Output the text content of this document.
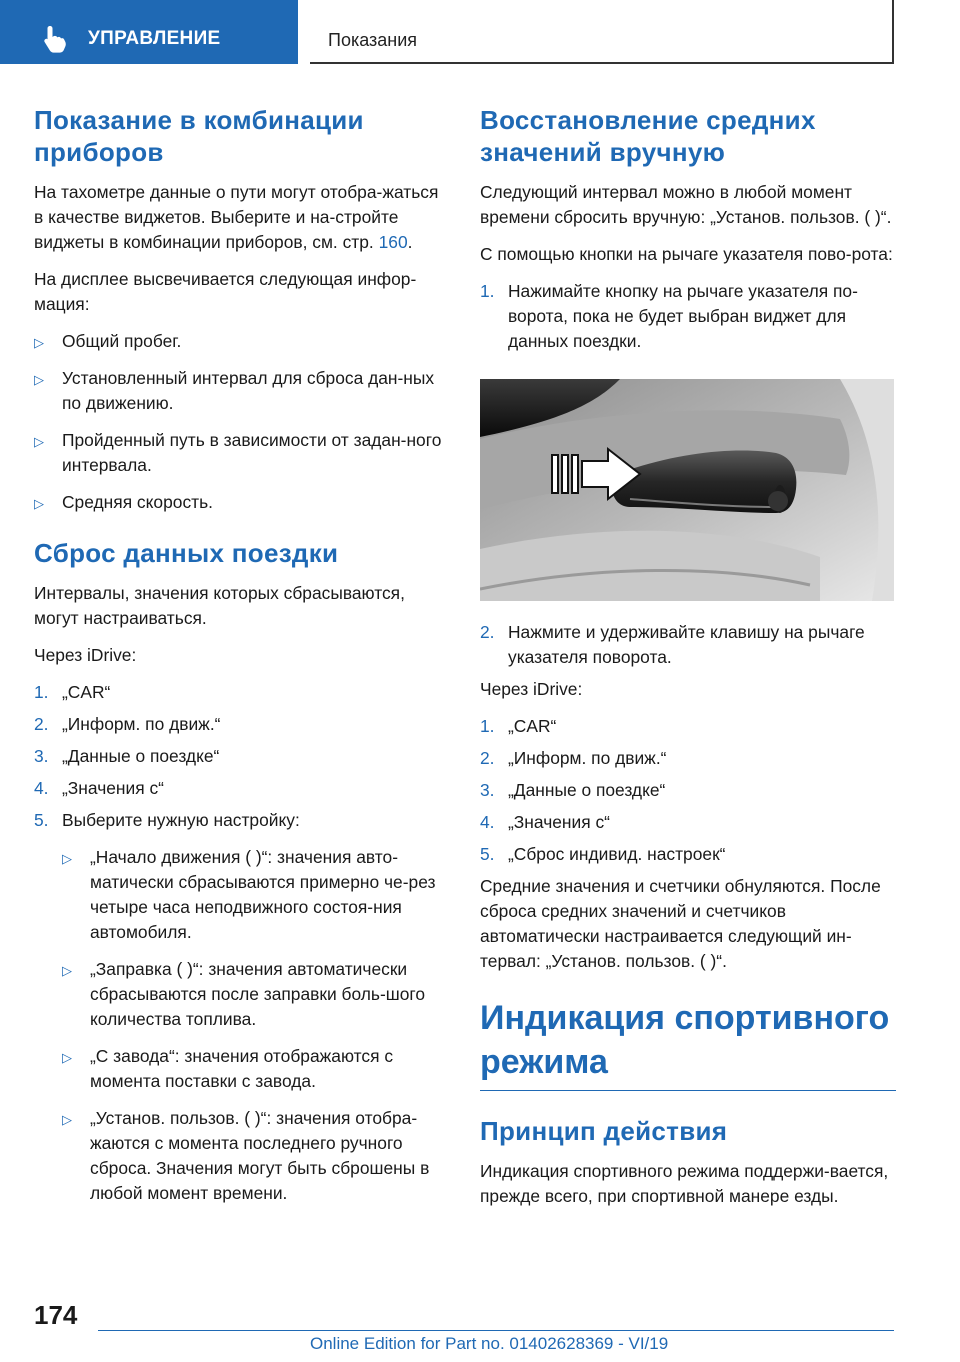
УПРАВЛЕНИЕ	Показания
Показание в комбинации приборов

На тахометре данные о пути могут отобра-жаться в качестве виджетов. Выберите и на-стройте виджеты в комбинации приборов, см. стр. 160.

На дисплее высвечивается следующая инфор-мация:

▷ Общий пробег.
▷ Установленный интервал для сброса дан-ных по движению.
▷ Пройденный путь в зависимости от задан-ного интервала.
▷ Средняя скорость.
Сброс данных поездки

Интервалы, значения которых сбрасываются, могут настраиваться.

Через iDrive:

1. „CAR“
2. „Информ. по движ.“
3. „Данные о поездке“
4. „Значения с“
5. Выберите нужную настройку:
▷ „Начало движения ( )“: значения авто-матически сбрасываются примерно че-рез четыре часа неподвижного состоя-ния автомобиля.
▷ „Заправка ( )“: значения автоматически сбрасываются после заправки боль-шого количества топлива.
▷ „С завода“: значения отображаются с момента поставки с завода.
▷ „Установ. пользов. ( )“: значения отобра-жаются с момента последнего ручного сброса. Значения могут быть сброшены в любой момент времени.
Восстановление средних значений вручную

Следующий интервал можно в любой момент времени сбросить вручную: „Установ. пользов. ( )“.

С помощью кнопки на рычаге указателя пово-рота:

1. Нажимайте кнопку на рычаге указателя по-ворота, пока не будет выбран виджет для данных поездки.
2. Нажмите и удерживайте клавишу на рычаге указателя поворота.

Через iDrive:

1. „CAR“
2. „Информ. по движ.“
3. „Данные о поездке“
4. „Значения с“
5. „Сброс индивид. настроек“

Средние значения и счетчики обнуляются. После сброса средних значений и счетчиков автоматически настраивается следующий ин-тервал: „Установ. пользов. ( )“.

Индикация спортивного режима
Принцип действия

Индикация спортивного режима поддержи-вается, прежде всего, при спортивной манере езды.

174
Online Edition for Part no. 01402628369 - VI/19
